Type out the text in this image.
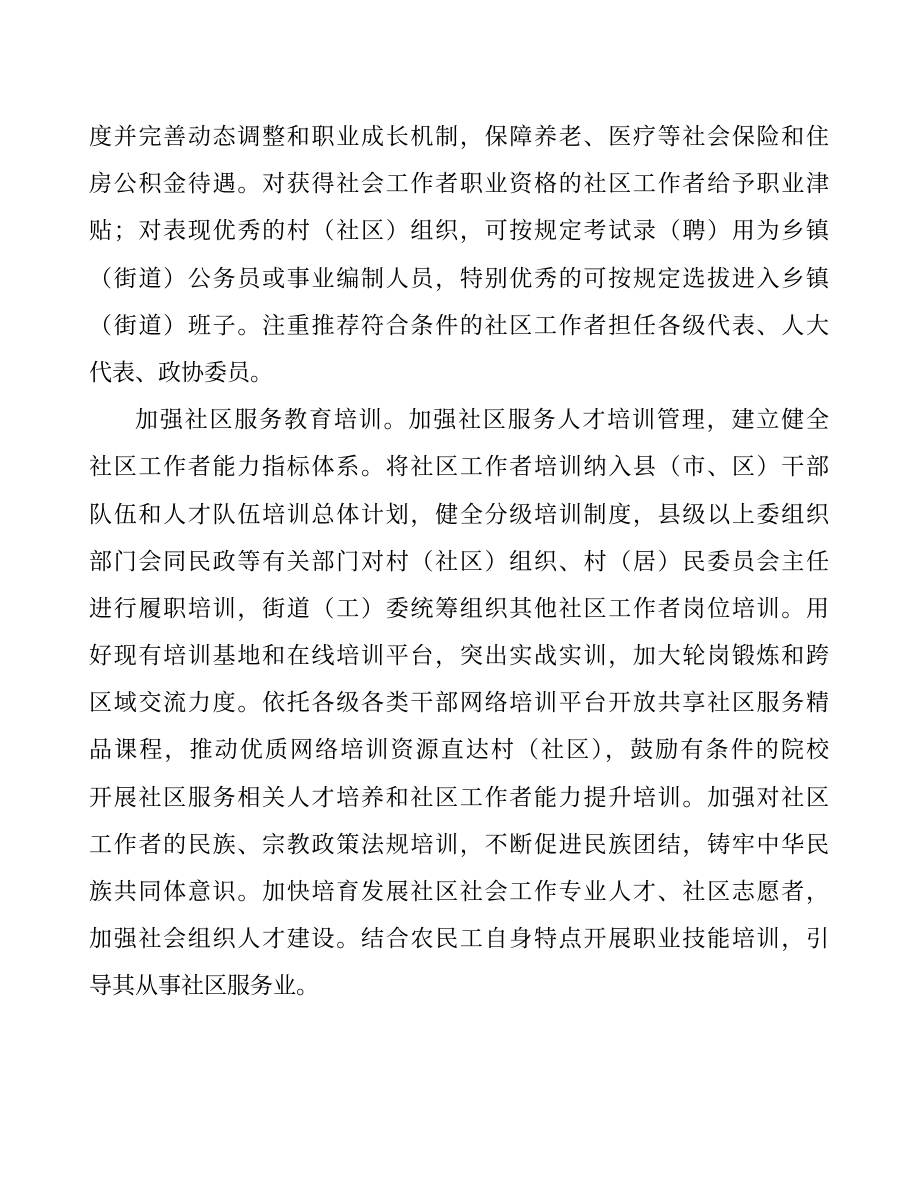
度并完善动态调整和职业成长机制，保障养老、医疗等社会保险和住
房公积金待遇。对获得社会工作者职业资格的社区工作者给予职业津
贴；对表现优秀的村（社区）组织，可按规定考试录（聘）用为乡镇
（街道）公务员或事业编制人员，特别优秀的可按规定选拔进入乡镇
（街道）班子。注重推荐符合条件的社区工作者担任各级代表、人大
代表、政协委员。
加强社区服务教育培训。加强社区服务人才培训管理，建立健全
社区工作者能力指标体系。将社区工作者培训纳入县（市、区）干部
队伍和人才队伍培训总体计划，健全分级培训制度，县级以上委组织
部门会同民政等有关部门对村（社区）组织、村（居）民委员会主任
进行履职培训，街道（工）委统筹组织其他社区工作者岗位培训。用
好现有培训基地和在线培训平台，突出实战实训，加大轮岗锻炼和跨
区域交流力度。依托各级各类干部网络培训平台开放共享社区服务精
品课程，推动优质网络培训资源直达村（社区），鼓励有条件的院校
开展社区服务相关人才培养和社区工作者能力提升培训。加强对社区
工作者的民族、宗教政策法规培训，不断促进民族团结，铸牢中华民
族共同体意识。加快培育发展社区社会工作专业人才、社区志愿者，
加强社会组织人才建设。结合农民工自身特点开展职业技能培训，引
导其从事社区服务业。
